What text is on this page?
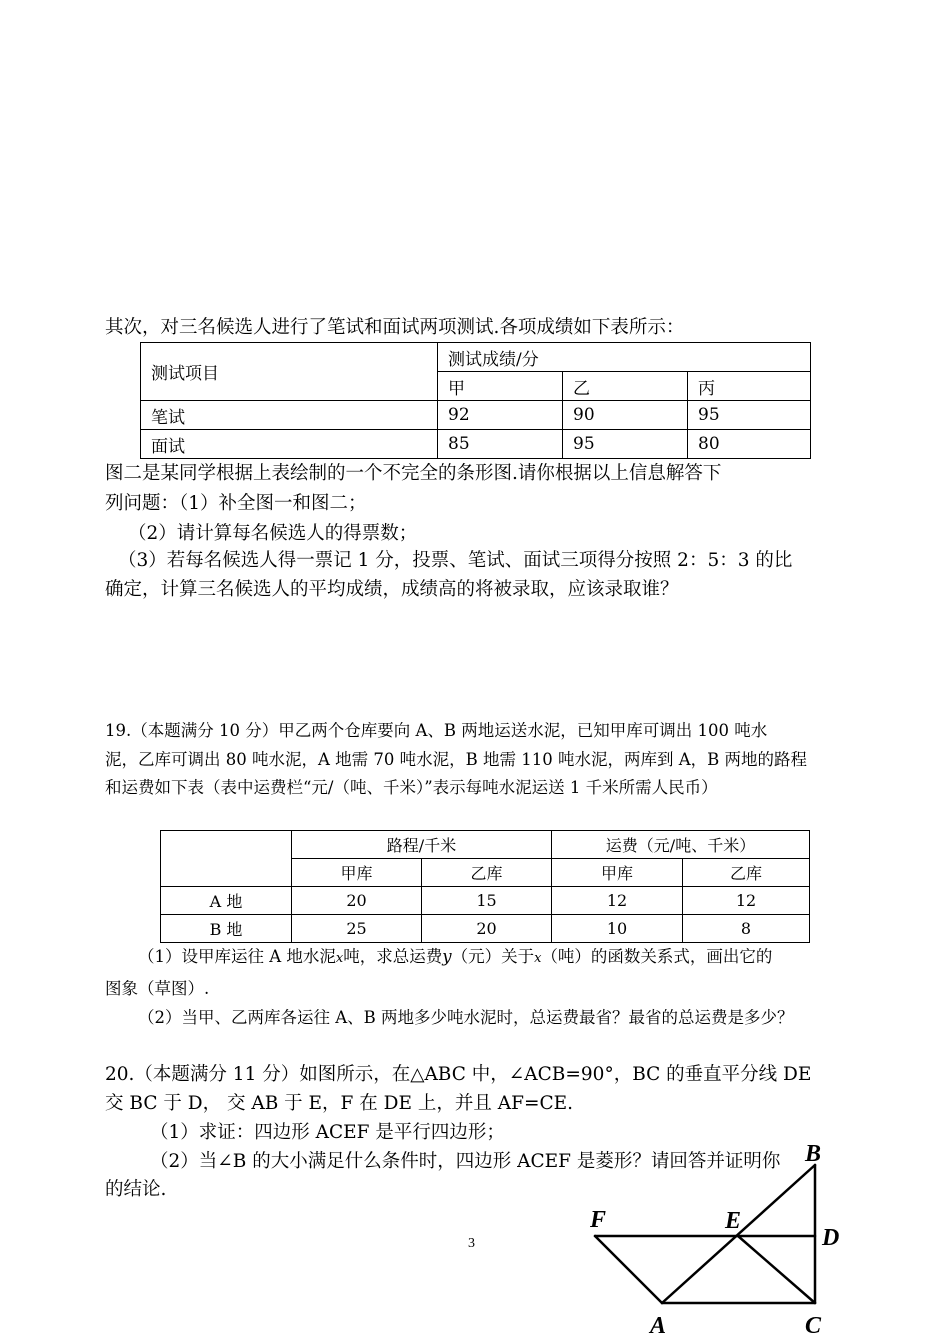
其次，对三名候选人进行了笔试和面试两项测试.各项成绩如下表所示：
测试项目	测试成绩/分		
	甲	乙	丙
笔试	92	90	95
面试	85	95	80
图二是某同学根据上表绘制的一个不完全的条形图.请你根据以上信息解答下
列问题：（1）补全图一和图二；
（2）请计算每名候选人的得票数；
（3）若每名候选人得一票记 1 分，投票、笔试、面试三项得分按照 2：5：3 的比
确定，计算三名候选人的平均成绩，成绩高的将被录取，应该录取谁？
19.（本题满分 10 分）甲乙两个仓库要向 A、B 两地运送水泥，已知甲库可调出 100 吨水
泥，乙库可调出 80 吨水泥，A 地需 70 吨水泥，B 地需 110 吨水泥，两库到 A，B 两地的路程
和运费如下表（表中运费栏“元/（吨、千米）”表示每吨水泥运送 1 千米所需人民币）
	路程/千米		运费（元/吨、千米）	
	甲库	乙库	甲库	乙库
A 地	20	15	12	12
B 地	25	20	10	8
（1）设甲库运往 A 地水泥x吨，求总运费y（元）关于x（吨）的函数关系式，画出它的
图象（草图）.
（2）当甲、乙两库各运往 A、B 两地多少吨水泥时，总运费最省？最省的总运费是多少？
20.（本题满分 11 分）如图所示，在△ABC 中，∠ACB=90°，BC 的垂直平分线 DE
交 BC 于 D， 交 AB 于 E，F 在 DE 上，并且 AF=CE.
（1）求证：四边形 ACEF 是平行四边形；
（2）当∠B 的大小满足什么条件时，四边形 ACEF 是菱形？请回答并证明你
的结论.
3
B
F	E
D
A	C
